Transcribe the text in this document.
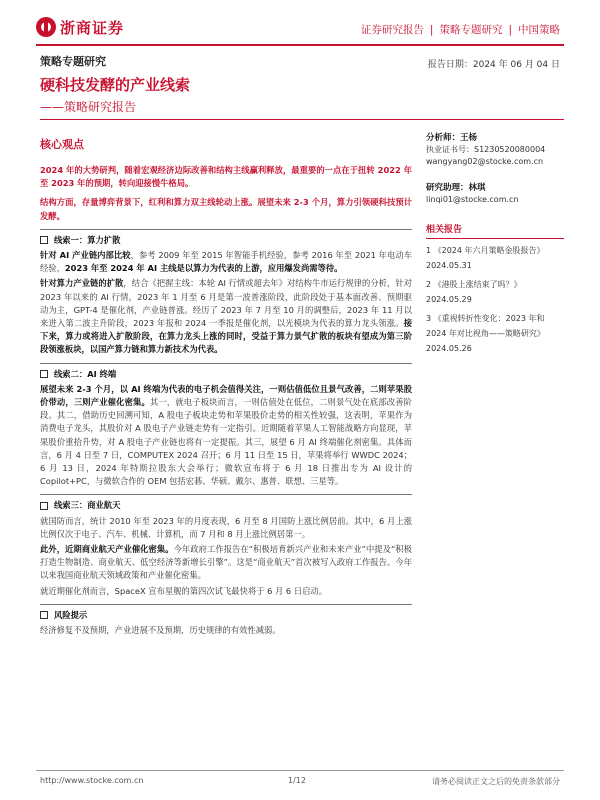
浙商证券	证券研究报告 | 策略专题研究 | 中国策略
策略专题研究	报告日期：2024 年 06 月 04 日
硬科技发酵的产业线索
——策略研究报告
核心观点

2024 年的大势研判，随着宏观经济边际改善和结构主线赢利释放，最重要的一点在于扭转 2022 年至 2023 年的预期，转向迎接慢牛格局。

结构方面，存量博弈背景下，红利和算力双主线轮动上涨。展望未来 2-3 个月，算力引领硬科技预计发酵。

线索一：算力扩散

针对 AI 产业链内部比较，参考 2009 年至 2015 年智能手机经验，参考 2016 年至 2021 年电动车经验，2023 年至 2024 年 AI 主线是以算力为代表的上游，应用爆发尚需等待。

针对算力产业链的扩散，结合《把握主线：本轮 AI 行情或超去年》对结构牛市运行规律的分析，针对 2023 年以来的 AI 行情，2023 年 1 月至 6 月是第一波普涨阶段，此阶段处于基本面改善、预期驱动为主，GPT-4 是催化剂，产业链普涨。经历了 2023 年 7 月至 10 月的调整后，2023 年 11 月以来进入第二波主升阶段，2023 年报和 2024 一季报是催化剂，以光模块为代表的算力龙头领涨。接下来，算力或将进入扩散阶段，在算力龙头上涨的同时，受益于算力景气扩散的板块有望成为第三阶段领涨板块，以国产算力链和算力新技术为代表。

线索二：AI 终端

展望未来 2-3 个月，以 AI 终端为代表的电子机会值得关注，一则估值低位且景气改善，二则苹果股价带动，三则产业催化密集。其一，就电子板块而言，一则估值处在低位，二则景气处在底部改善阶段。其二，借助历史回溯可知，A 股电子板块走势和苹果股价走势的相关性较强，这表明，苹果作为消费电子龙头，其股价对 A 股电子产业链走势有一定指引。近期随着苹果人工智能战略方向显现，苹果股价重拾升势，对 A 股电子产业链也将有一定提振。其三，展望 6 月 AI 终端催化剂密集。具体而言，6 月 4 日至 7 日，COMPUTEX 2024 召开；6 月 11 日至 15 日，苹果将举行 WWDC 2024；6 月 13 日，2024 年特斯拉股东大会举行；微软宣布将于 6 月 18 日推出专为 AI 设计的 Copilot+PC，与微软合作的 OEM 包括宏碁、华硕、戴尔、惠普、联想、三星等。

线索三：商业航天

就国防而言，统计 2010 年至 2023 年的月度表现，6 月至 8 月国防上涨比例居前。其中，6 月上涨比例仅次于电子、汽车、机械、计算机，而 7 月和 8 月上涨比例居第一。

此外，近期商业航天产业催化密集。今年政府工作报告在“积极培育新兴产业和未来产业”中提及“积极打造生物制造、商业航天、低空经济等新增长引擎”。这是“商业航天”首次被写入政府工作报告。今年以来我国商业航天领域政策和产业催化密集。

就近期催化剂而言，SpaceX 宣布星舰的第四次试飞最快将于 6 月 6 日启动。

风险提示

经济修复不及预期，产业进展不及预期，历史规律的有效性减弱。

分析师：王杨
执业证书号：S1230520080004
wangyang02@stocke.com.cn
研究助理：林琪
linqi01@stocke.com.cn
相关报告
1 《2024 年六月策略金股报告》 2024.05.31
2 《港股上涨结束了吗？》 2024.05.29
3 《重视转折性变化：2023 年和 2024 年对比视角——策略研究》 2024.05.26
http://www.stocke.com.cn	1/12	请务必阅读正文之后的免责条款部分
